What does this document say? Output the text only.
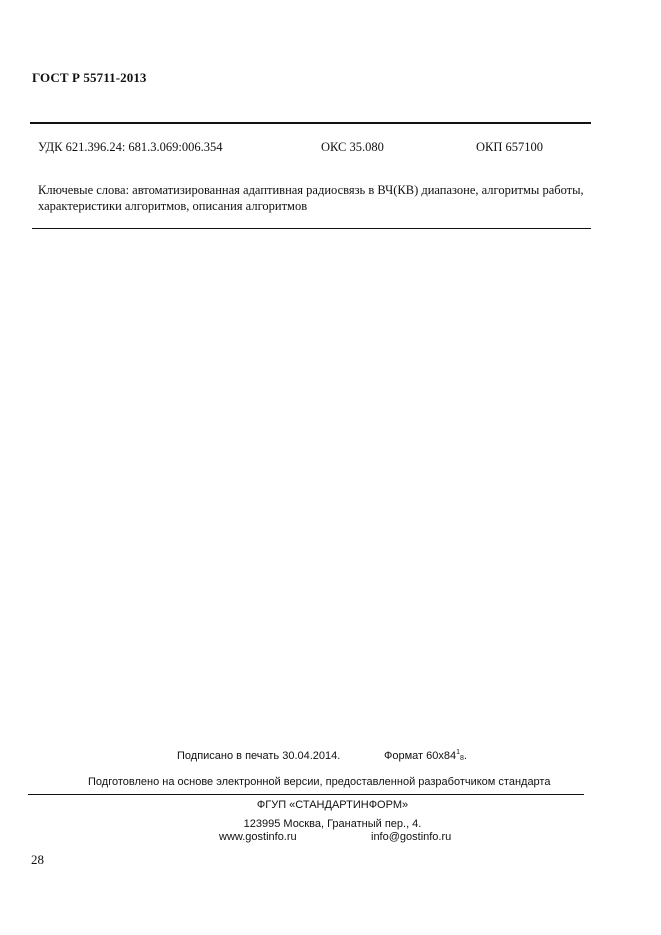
ГОСТ Р 55711-2013
УДК 621.396.24: 681.3.069:006.354	ОКС 35.080	ОКП 657100
Ключевые слова: автоматизированная адаптивная радиосвязь в ВЧ(КВ) диапазоне, алгоритмы работы, характеристики алгоритмов, описания алгоритмов
Подписано в печать 30.04.2014.	Формат $60x84^1_8$.
Подготовлено на основе электронной версии, предоставленной разработчиком стандарта
ФГУП «СТАНДАРТИНФОРМ»
123995 Москва, Гранатный пер., 4.
www.gostinfo.ru	info@gostinfo.ru
28
